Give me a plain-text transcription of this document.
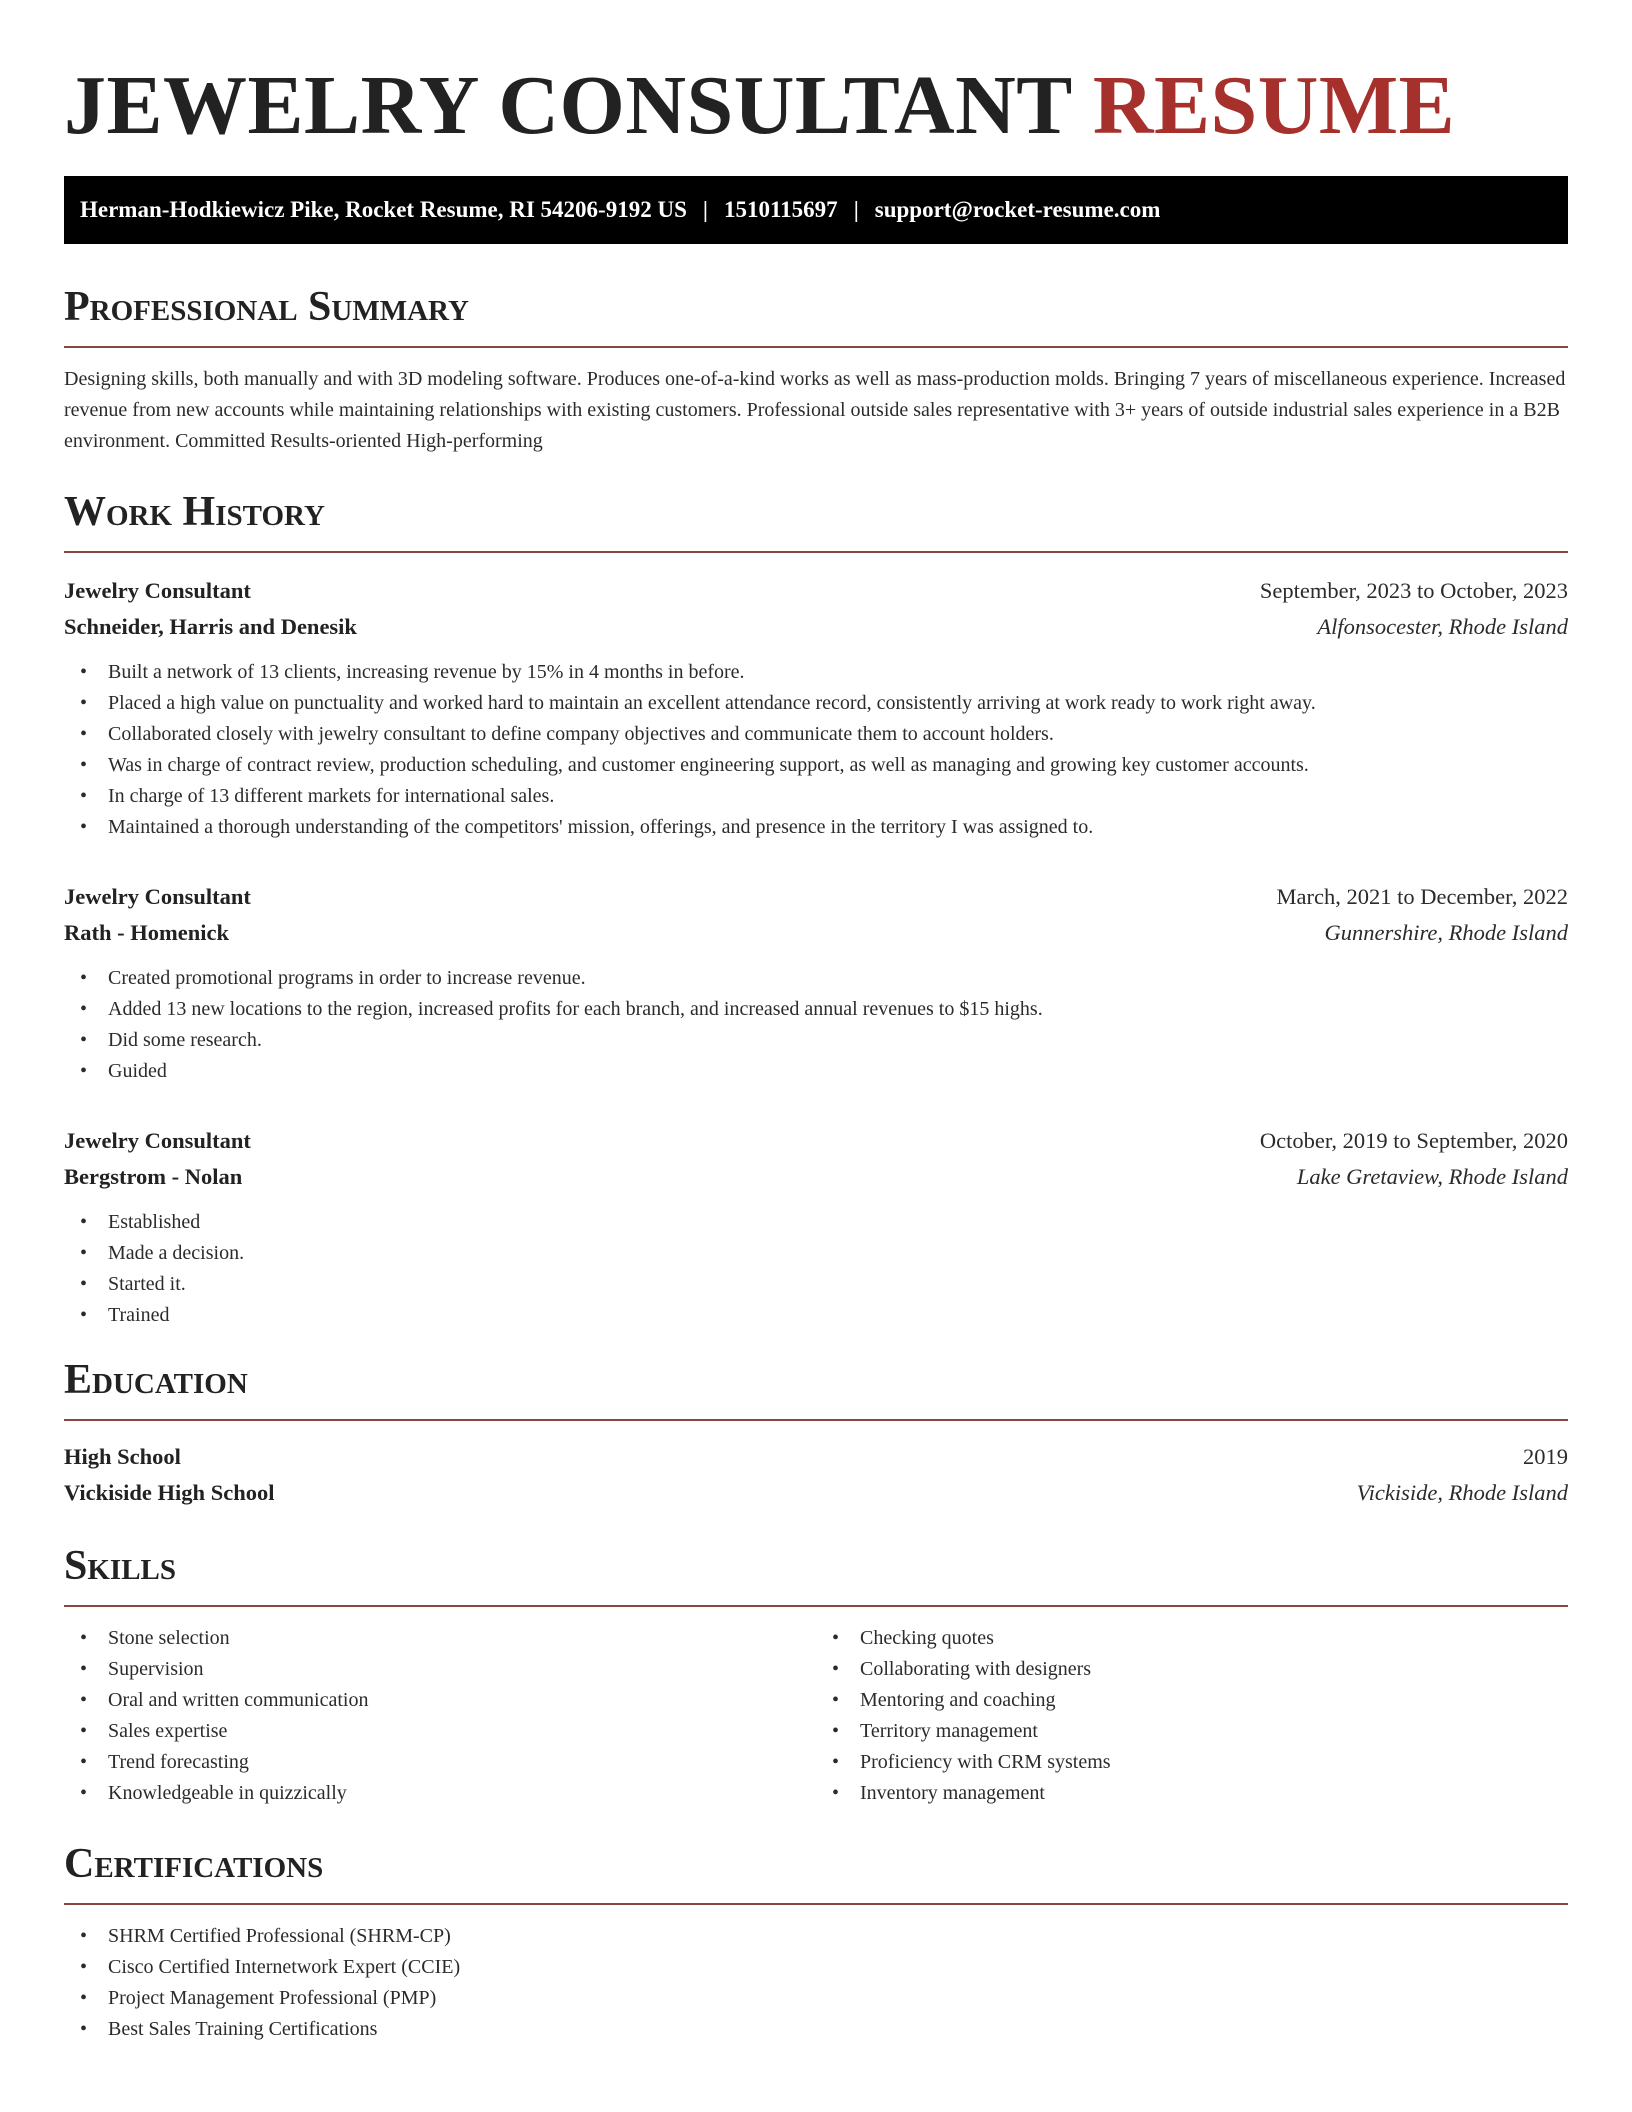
JEWELRY CONSULTANT RESUME
Herman-Hodkiewicz Pike, Rocket Resume, RI 54206-9192 US | 1510115697 | support@rocket-resume.com
Professional Summary

Designing skills, both manually and with 3D modeling software. Produces one-of-a-kind works as well as mass-production molds. Bringing 7 years of miscellaneous experience. Increased revenue from new accounts while maintaining relationships with existing customers. Professional outside sales representative with 3+ years of outside industrial sales experience in a B2B environment. Committed Results-oriented High-performing

Work History
Jewelry Consultant	September, 2023 to October, 2023
Schneider, Harris and Denesik	Alfonsocester, Rhode Island
• Built a network of 13 clients, increasing revenue by 15% in 4 months in before.
• Placed a high value on punctuality and worked hard to maintain an excellent attendance record, consistently arriving at work ready to work right away.
• Collaborated closely with jewelry consultant to define company objectives and communicate them to account holders.
• Was in charge of contract review, production scheduling, and customer engineering support, as well as managing and growing key customer accounts.
• In charge of 13 different markets for international sales.
• Maintained a thorough understanding of the competitors' mission, offerings, and presence in the territory I was assigned to.
Jewelry Consultant	March, 2021 to December, 2022
Rath - Homenick	Gunnershire, Rhode Island
• Created promotional programs in order to increase revenue.
• Added 13 new locations to the region, increased profits for each branch, and increased annual revenues to $15 highs.
• Did some research.
• Guided
Jewelry Consultant	October, 2019 to September, 2020
Bergstrom - Nolan	Lake Gretaview, Rhode Island
• Established
• Made a decision.
• Started it.
• Trained
Education
High School	2019
Vickiside High School	Vickiside, Rhode Island
Skills
• Stone selection
• Supervision
• Oral and written communication
• Sales expertise
• Trend forecasting
• Knowledgeable in quizzically
• Checking quotes
• Collaborating with designers
• Mentoring and coaching
• Territory management
• Proficiency with CRM systems
• Inventory management
Certifications
• SHRM Certified Professional (SHRM-CP)
• Cisco Certified Internetwork Expert (CCIE)
• Project Management Professional (PMP)
• Best Sales Training Certifications
